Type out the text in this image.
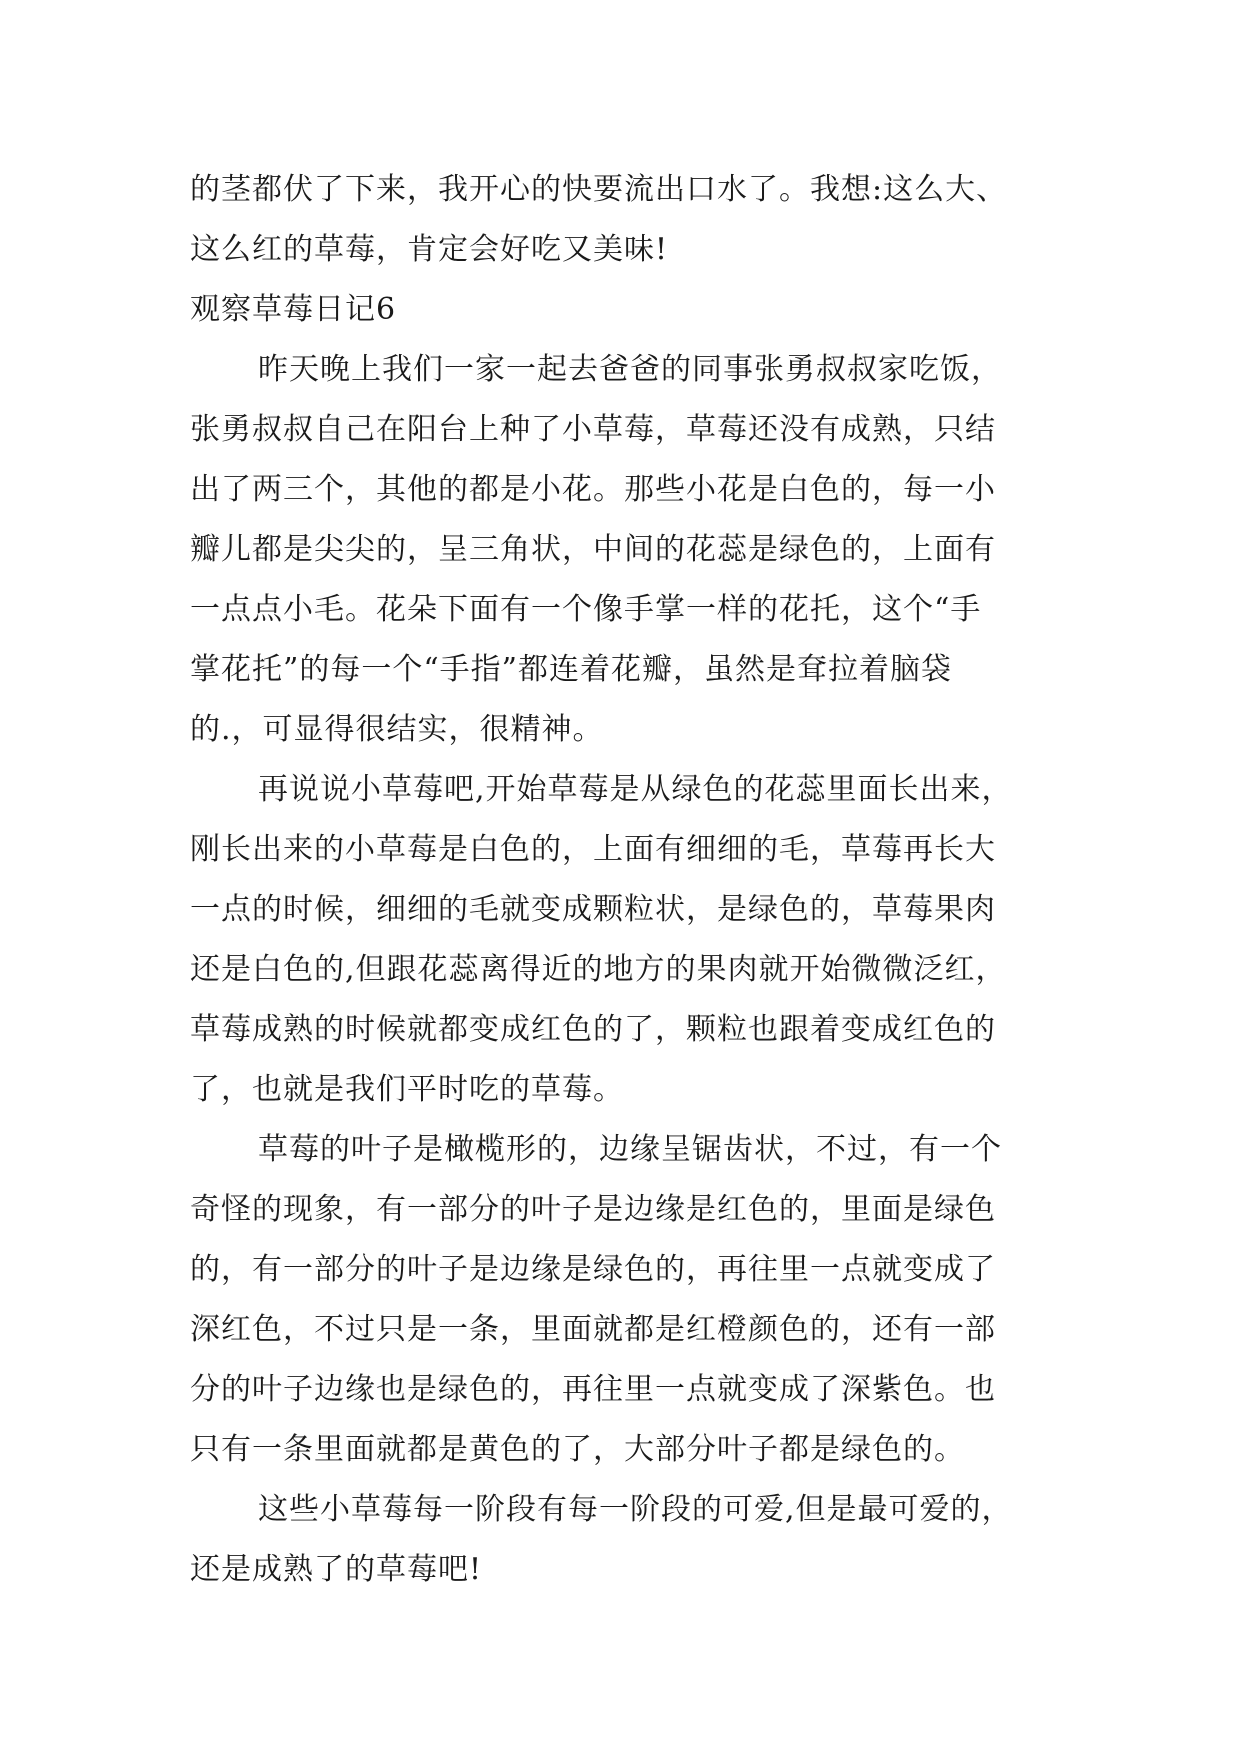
的茎都伏了下来，我开心的快要流出口水了。我想:这么大、
这么红的草莓，肯定会好吃又美味!
观察草莓日记6
昨天晚上我们一家一起去爸爸的同事张勇叔叔家吃饭，
张勇叔叔自己在阳台上种了小草莓，草莓还没有成熟，只结
出了两三个，其他的都是小花。那些小花是白色的，每一小
瓣儿都是尖尖的，呈三角状，中间的花蕊是绿色的，上面有
一点点小毛。花朵下面有一个像手掌一样的花托，这个“手
掌花托”的每一个“手指”都连着花瓣，虽然是耷拉着脑袋
的.，可显得很结实，很精神。
再说说小草莓吧,开始草莓是从绿色的花蕊里面长出来，
刚长出来的小草莓是白色的，上面有细细的毛，草莓再长大
一点的时候，细细的毛就变成颗粒状，是绿色的，草莓果肉
还是白色的,但跟花蕊离得近的地方的果肉就开始微微泛红，
草莓成熟的时候就都变成红色的了，颗粒也跟着变成红色的
了，也就是我们平时吃的草莓。
草莓的叶子是橄榄形的，边缘呈锯齿状，不过，有一个
奇怪的现象，有一部分的叶子是边缘是红色的，里面是绿色
的，有一部分的叶子是边缘是绿色的，再往里一点就变成了
深红色，不过只是一条，里面就都是红橙颜色的，还有一部
分的叶子边缘也是绿色的，再往里一点就变成了深紫色。也
只有一条里面就都是黄色的了，大部分叶子都是绿色的。
这些小草莓每一阶段有每一阶段的可爱,但是最可爱的，
还是成熟了的草莓吧!
